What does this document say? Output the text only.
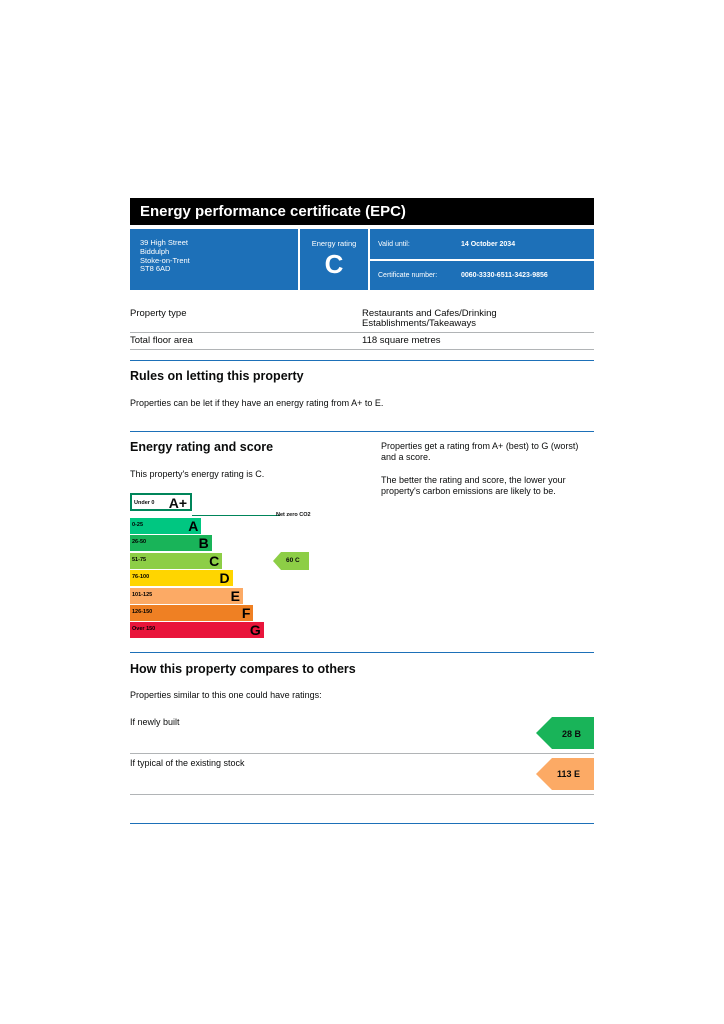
Energy performance certificate (EPC)
39 High Street
Biddulph
Stoke-on-Trent
ST8 6AD
Energy rating
C
Valid until:	14 October 2034
Certificate number:	0060-3330-6511-3423-9856
Property type	Restaurants and Cafes/Drinking Establishments/Takeaways
Total floor area	118 square metres
Rules on letting this property
Properties can be let if they have an energy rating from A+ to E.
Energy rating and score
This property's energy rating is C.
Properties get a rating from A+ (best) to G (worst) and a score.
The better the rating and score, the lower your property's carbon emissions are likely to be.
Under 0 A+
Net zero CO2
0-25	A
26-50	B
51-75	C
76-100	D
101-125	E
126-150	F
Over 150	G
60 C
How this property compares to others
Properties similar to this one could have ratings:
If newly built
28 B
If typical of the existing stock
113 E
